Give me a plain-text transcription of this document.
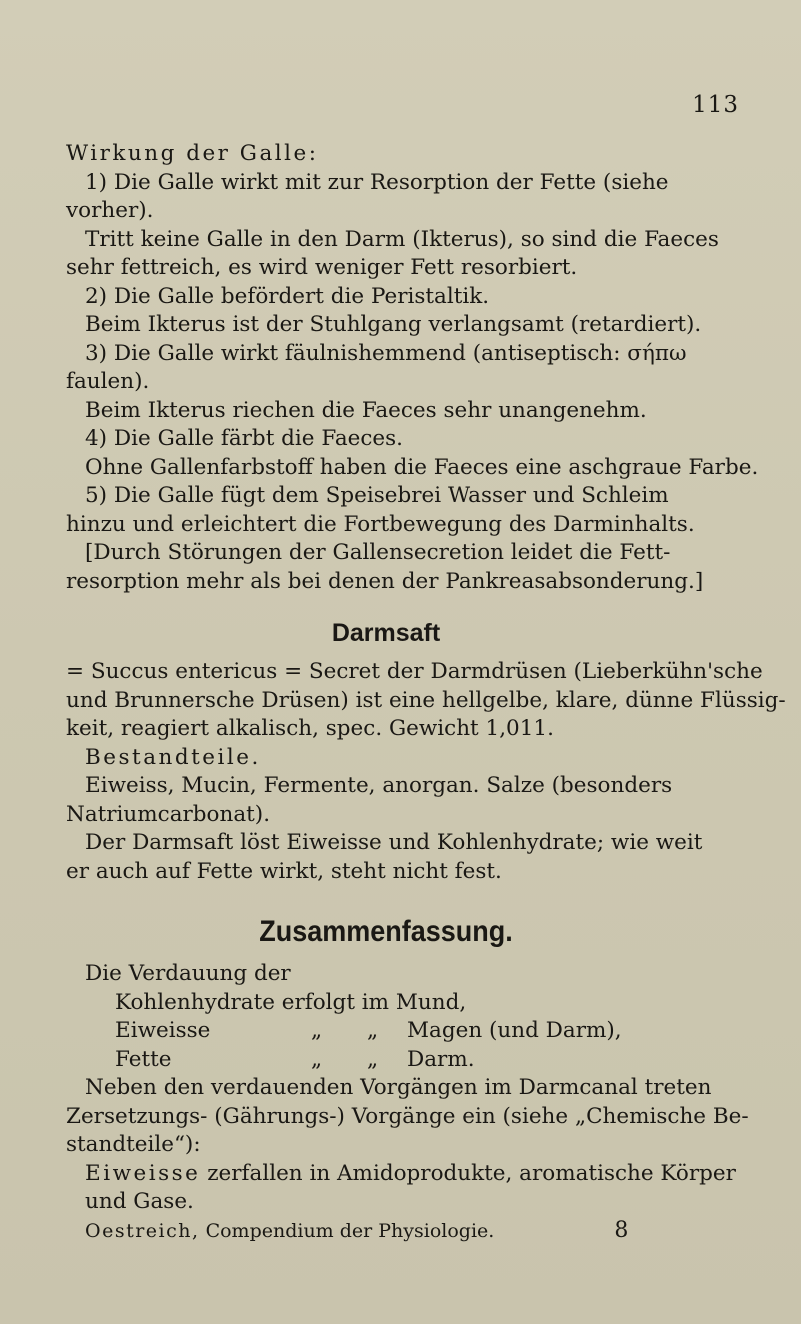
113
Wirkung der Galle:
1) Die Galle wirkt mit zur Resorption der Fette (siehe
vorher).
Tritt keine Galle in den Darm (Ikterus), so sind die Faeces
sehr fettreich, es wird weniger Fett resorbiert.
2) Die Galle befördert die Peristaltik.
Beim Ikterus ist der Stuhlgang verlangsamt (retardiert).
3) Die Galle wirkt fäulnishemmend (antiseptisch: σήπω
faulen).
Beim Ikterus riechen die Faeces sehr unangenehm.
4) Die Galle färbt die Faeces.
Ohne Gallenfarbstoff haben die Faeces eine aschgraue Farbe.
5) Die Galle fügt dem Speisebrei Wasser und Schleim
hinzu und erleichtert die Fortbewegung des Darminhalts.
[Durch Störungen der Gallensecretion leidet die Fett-
resorption mehr als bei denen der Pankreasabsonderung.]
Darmsaft
= Succus entericus = Secret der Darmdrüsen (Lieberkühn'sche
und Brunnersche Drüsen) ist eine hellgelbe, klare, dünne Flüssig-
keit, reagiert alkalisch, spec. Gewicht 1,011.
Bestandteile.
Eiweiss, Mucin, Fermente, anorgan. Salze (besonders
Natriumcarbonat).
Der Darmsaft löst Eiweisse und Kohlenhydrate; wie weit
er auch auf Fette wirkt, steht nicht fest.
Zusammenfassung.
Die Verdauung der
Kohlenhydrate erfolgt im Mund,
Eiweisse	„ „ Magen (und Darm),
Fette	„ „ Darm.
Neben den verdauenden Vorgängen im Darmcanal treten
Zersetzungs- (Gährungs-) Vorgänge ein (siehe „Chemische Be-
standteile“):
Eiweisse zerfallen in Amidoprodukte, aromatische Körper
und Gase.
Oestreich, Compendium der Physiologie.	8
